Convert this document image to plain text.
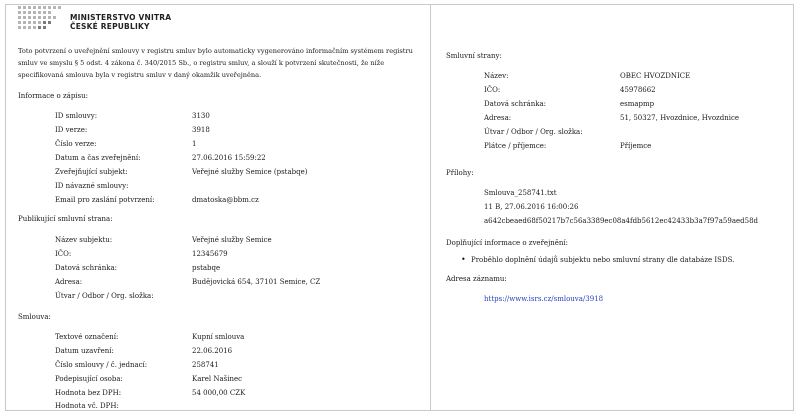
MINISTERSTVO VNITRA
ČESKÉ REPUBLIKY
Toto potvrzení o uveřejnění smlouvy v registru smluv bylo automaticky vygenerováno informačním systémem registru smluv ve smyslu § 5 odst. 4 zákona č. 340/2015 Sb., o registru smluv, a slouží k potvrzení skutečnosti, že níže specifikovaná smlouva byla v registru smluv v daný okamžik uveřejněna.
Informace o zápisu:
ID smlouvy:	3130
ID verze:	3918
Číslo verze:	1
Datum a čas zveřejnění:	27.06.2016 15:59:22
Zveřejňující subjekt:	Veřejné služby Semice (pstabqe)
ID návazné smlouvy:
Email pro zaslání potvrzení:	dmatoska@bbm.cz
Publikující smluvní strana:
Název subjektu:	Veřejné služby Semice
IČO:	12345679
Datová schránka:	pstabqe
Adresa:	Budějovická 654, 37101 Semice, CZ
Útvar / Odbor / Org. složka:
Smlouva:
Textové označení:	Kupní smlouva
Datum uzavření:	22.06.2016
Číslo smlouvy / č. jednací:	258741
Podepisující osoba:	Karel Našinec
Hodnota bez DPH:	54 000,00 CZK
Hodnota vč. DPH:
Smluvní strany:
Název:	OBEC HVOZDNICE
IČO:	45978662
Datová schránka:	esmapmp
Adresa:	51, 50327, Hvozdnice, Hvozdnice
Útvar / Odbor / Org. složka:
Plátce / příjemce:	Příjemce
Přílohy:
Smlouva_258741.txt
11 B, 27.06.2016 16:00:26
a642cbeaed68f50217b7c56a3389ec08a4fdb5612ec42433b3a7f97a59aed58d
Doplňující informace o zveřejnění:
• Proběhlo doplnění údajů subjektu nebo smluvní strany dle databáze ISDS.
Adresa záznamu:
https://www.isrs.cz/smlouva/3918
